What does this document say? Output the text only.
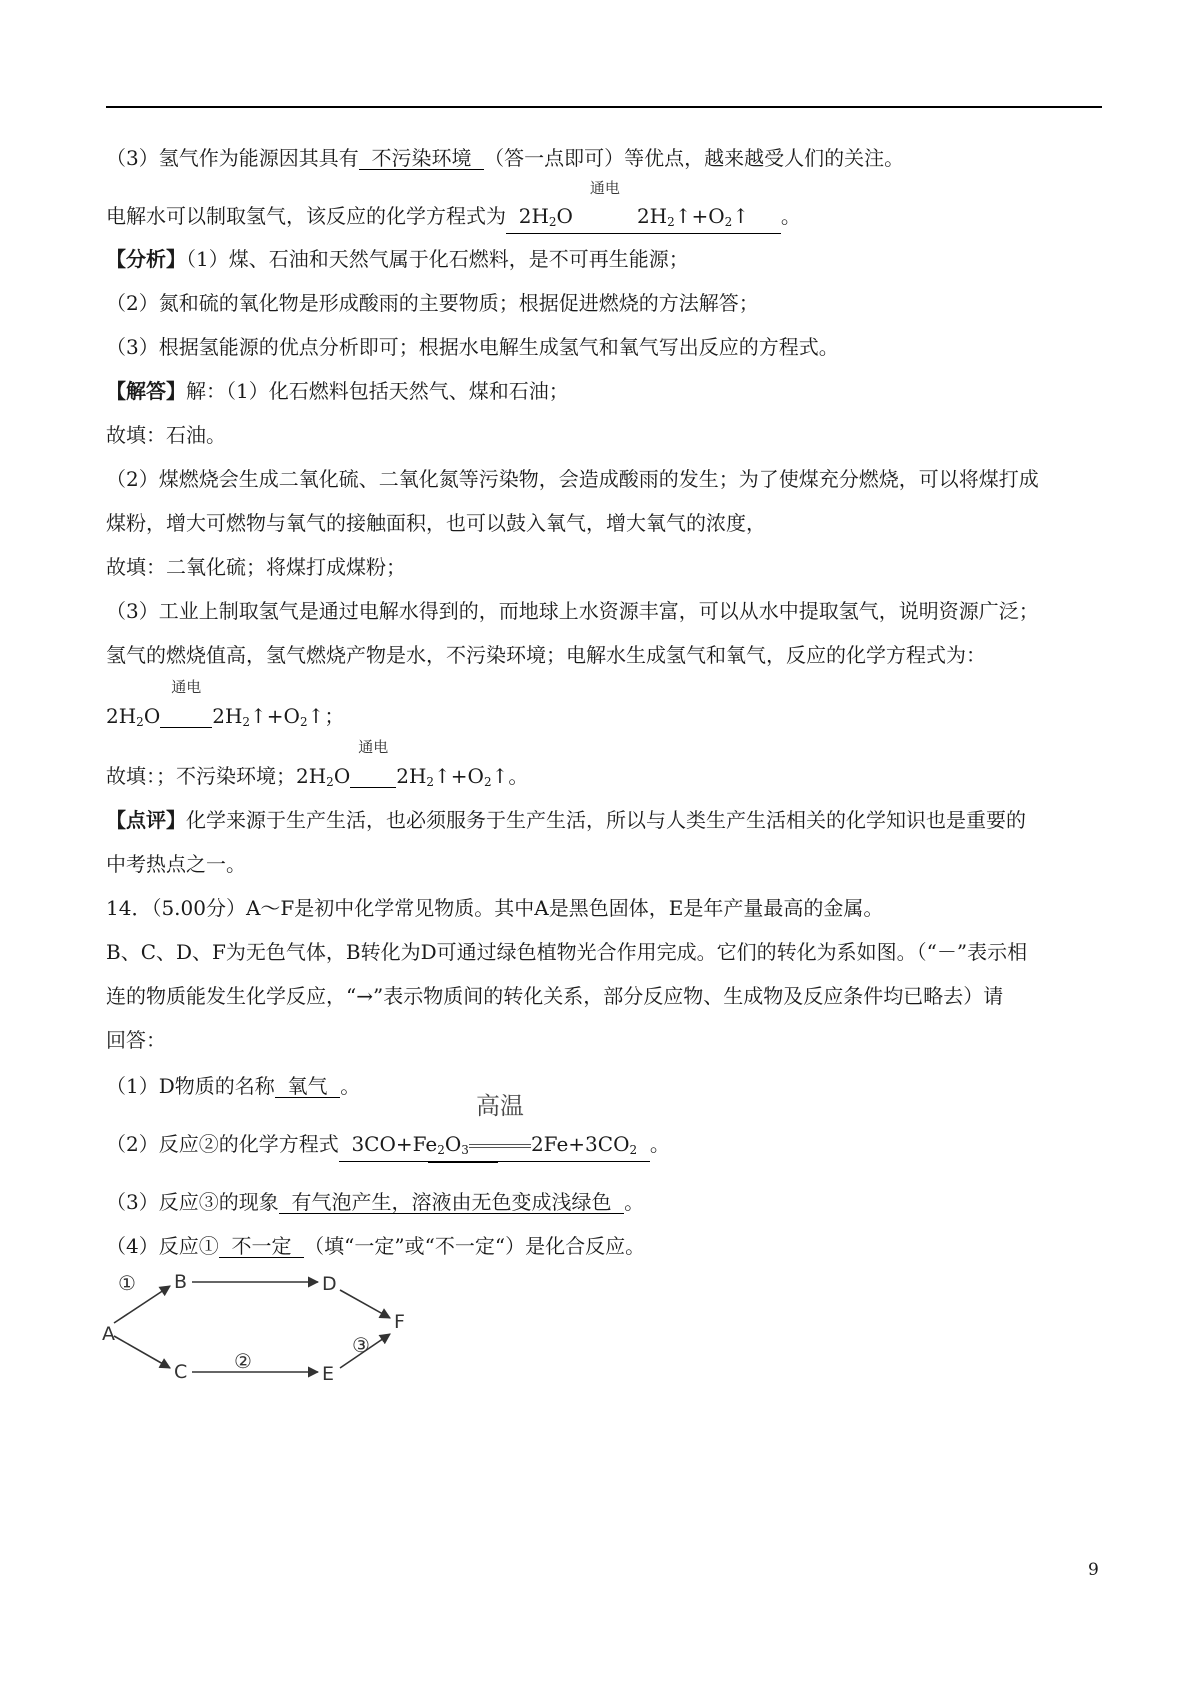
（3）氢气作为能源因其具有  不污染环境  （答一点即可）等优点，越来越受人们的关注。
电解水可以制取氢气，该反应的化学方程式为 $2H_2O$
通电
$2H_2↑+O_2↑$ 。
【分析】（1）煤、石油和天然气属于化石燃料，是不可再生能源；
（2）氮和硫的氧化物是形成酸雨的主要物质；根据促进燃烧的方法解答；
（3）根据氢能源的优点分析即可；根据水电解生成氢气和氧气写出反应的方程式。
【解答】解：（1）化石燃料包括天然气、煤和石油；
故填：石油。
（2）煤燃烧会生成二氧化硫、二氧化氮等污染物，会造成酸雨的发生；为了使煤充分燃烧，可以将煤打成
煤粉，增大可燃物与氧气的接触面积，也可以鼓入氧气，增大氧气的浓度，
故填：二氧化硫；将煤打成煤粉；
（3）工业上制取氢气是通过电解水得到的，而地球上水资源丰富，可以从水中提取氢气，说明资源广泛；
氢气的燃烧值高，氢气燃烧产物是水，不污染环境；电解水生成氢气和氧气，反应的化学方程式为：
$2H_2O$
通电
$2H_2↑+O_2↑$；
故填：；不污染环境；$2H_2O$
通电
$2H_2↑+O_2↑$。
【点评】化学来源于生产生活，也必须服务于生产生活，所以与人类生产生活相关的化学知识也是重要的
中考热点之一。
14．（5.00分）A～F是初中化学常见物质。其中A是黑色固体，E是年产量最高的金属。
B、C、D、F为无色气体，B转化为D可通过绿色植物光合作用完成。它们的转化为系如图。（“－”表示相
连的物质能发生化学反应，“→”表示物质间的转化关系，部分反应物、生成物及反应条件均已略去）请
回答：
（1）D物质的名称  氧气  。
（2）反应②的化学方程式  $3CO+Fe_2O_3$
高温
$2Fe+3CO_2$ 。
（3）反应③的现象  有气泡产生，溶液由无色变成浅绿色  。
（4）反应①  不一定  （填“一定”或“不一定“）是化合反应。
A
B
C
D
E
F
①
②
③
9
